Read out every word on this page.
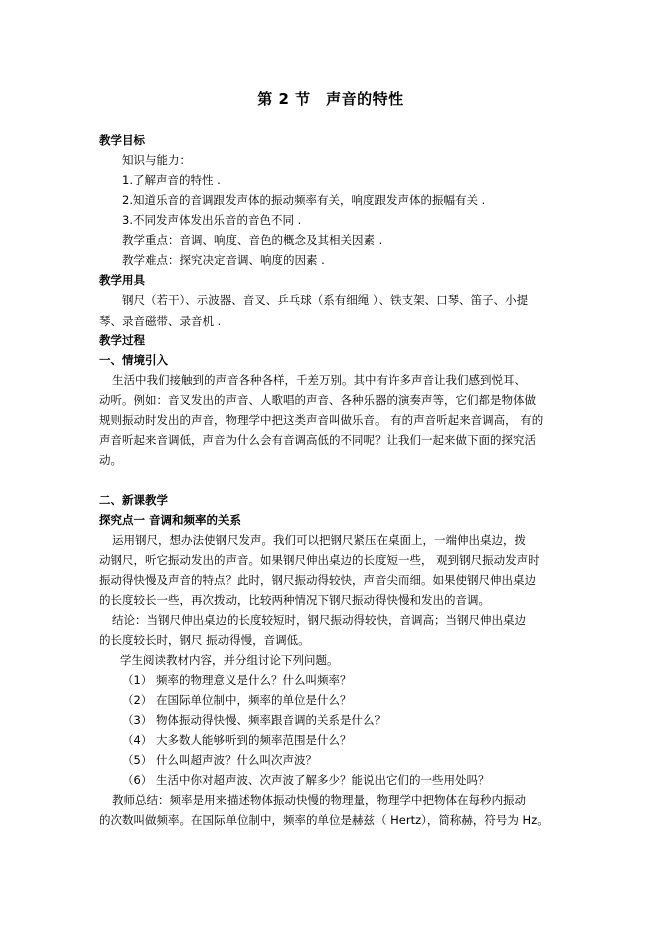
第 2 节　声音的特性
教学目标
知识与能力：
1.了解声音的特性 .
2.知道乐音的音调跟发声体的振动频率有关，响度跟发声体的振幅有关 .
3.不同发声体发出乐音的音色不同 .
教学重点：音调、响度、音色的概念及其相关因素 .
教学难点：探究决定音调、响度的因素 .
教学用具
钢尺（若干）、示波器、音叉、乒乓球（系有细绳 ）、铁支架、口琴、笛子、小提
琴、录音磁带、录音机 .
教学过程
一、情境引入
生活中我们接触到的声音各种各样，千差万别。其中有许多声音让我们感到悦耳、
动听。例如：音叉发出的声音、人歌唱的声音、各种乐器的演奏声等，它们都是物体做
规则振动时发出的声音，物理学中把这类声音叫做乐音。 有的声音听起来音调高， 有的
声音听起来音调低，声音为什么会有音调高低的不同呢？让我们一起来做下面的探究活
动。
二、新课教学
探究点一 音调和频率的关系
运用钢尺，想办法使钢尺发声。我们可以把钢尺紧压在桌面上，一端伸出桌边，拨
动钢尺，听它振动发出的声音。如果钢尺伸出桌边的长度短一些， 观到钢尺振动发声时
振动得快慢及声音的特点？此时，钢尺振动得较快，声音尖而细。如果使钢尺伸出桌边
的长度较长一些，再次拨动，比较两种情况下钢尺振动得快慢和发出的音调。
结论：当钢尺伸出桌边的长度较短时，钢尺振动得较快，音调高；当钢尺伸出桌边
的长度较长时，钢尺 振动得慢，音调低。
学生阅读教材内容，并分组讨论下列问题。
（1） 频率的物理意义是什么？什么叫频率？
（2） 在国际单位制中，频率的单位是什么？
（3） 物体振动得快慢、频率跟音调的关系是什么？
（4） 大多数人能够听到的频率范围是什么？
（5） 什么叫超声波？什么叫次声波？
（6） 生活中你对超声波、次声波了解多少？能说出它们的一些用处吗？
教师总结：频率是用来描述物体振动快慢的物理量，物理学中把物体在每秒内振动
的次数叫做频率。在国际单位制中，频率的单位是赫兹（ Hertz），简称赫，符号为 Hz。
